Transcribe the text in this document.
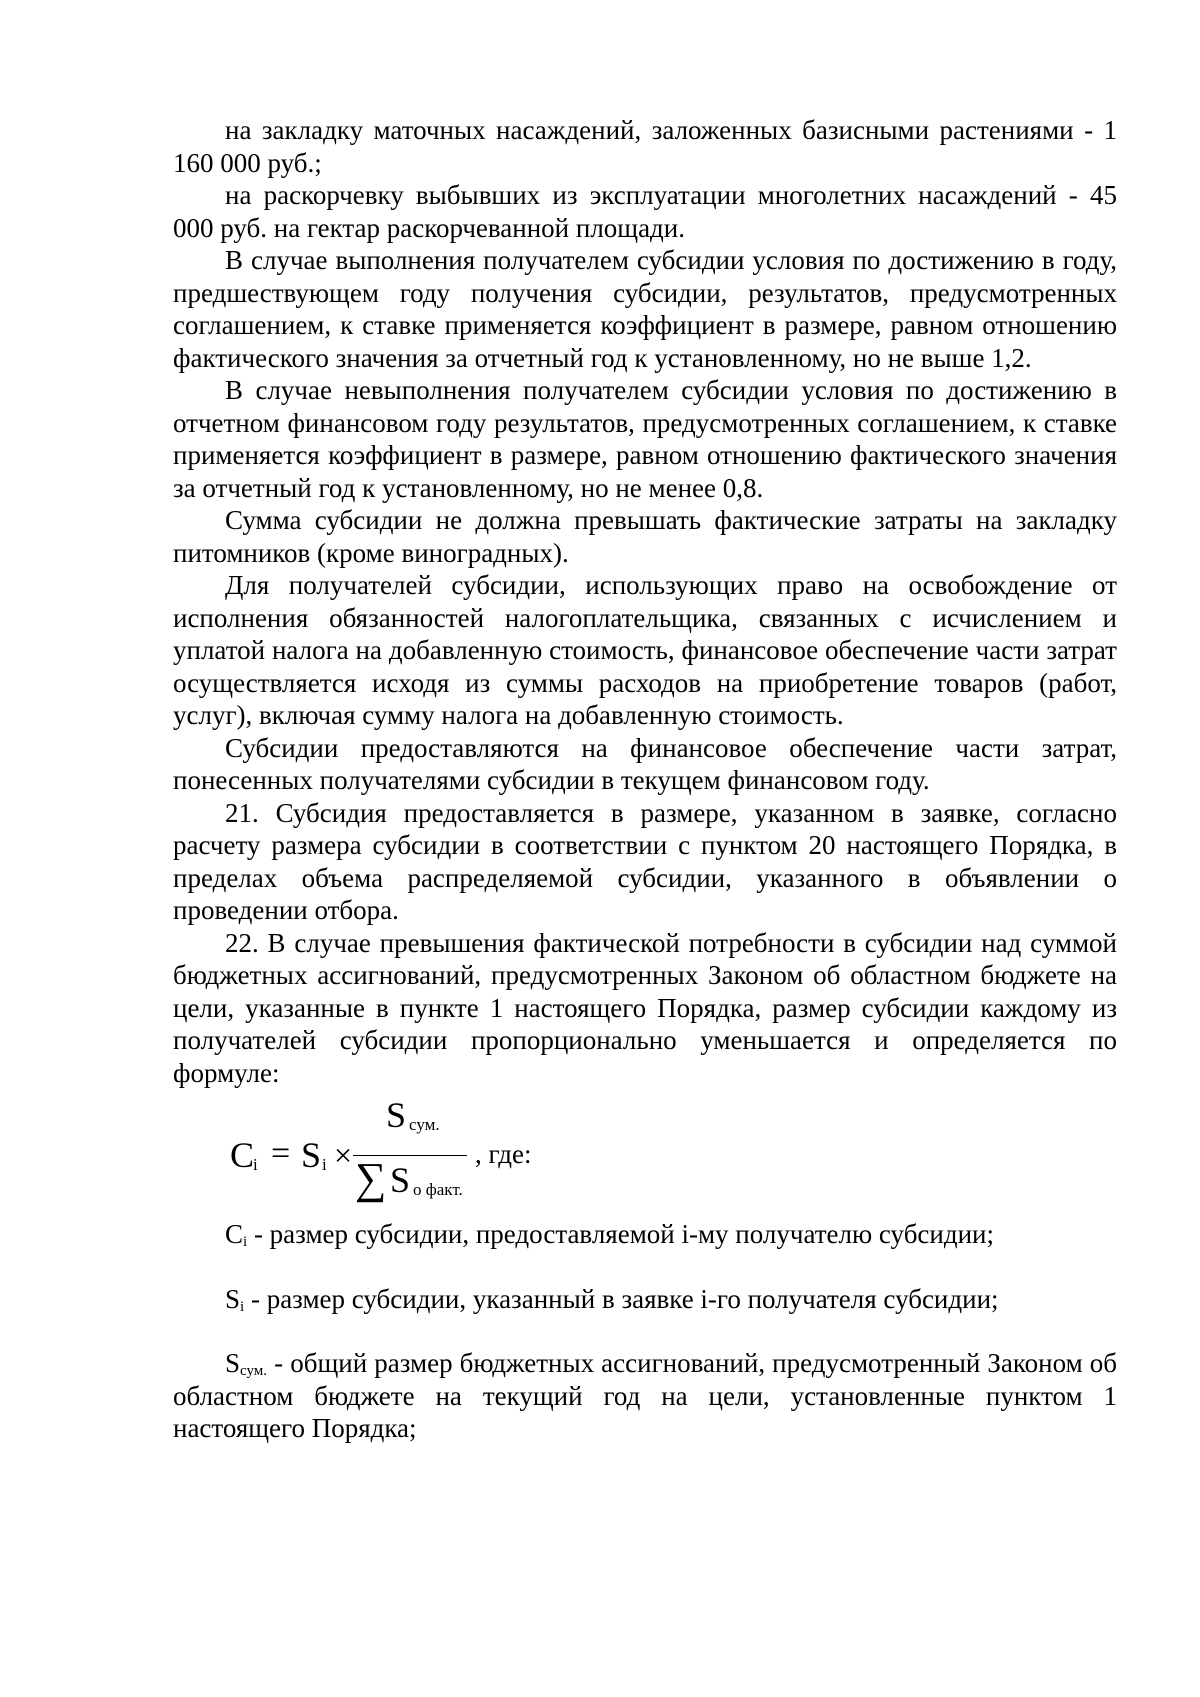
на закладку маточных насаждений, заложенных базисными растениями - 1 160 000 руб.;

на раскорчевку выбывших из эксплуатации многолетних насаждений - 45 000 руб. на гектар раскорчеванной площади.

В случае выполнения получателем субсидии условия по достижению в году, предшествующем году получения субсидии, результатов, предусмотренных соглашением, к ставке применяется коэффициент в размере, равном отношению фактического значения за отчетный год к установленному, но не выше 1,2.

В случае невыполнения получателем субсидии условия по достижению в отчетном финансовом году результатов, предусмотренных соглашением, к ставке применяется коэффициент в размере, равном отношению фактического значения за отчетный год к установленному, но не менее 0,8.

Сумма субсидии не должна превышать фактические затраты на закладку питомников (кроме виноградных).

Для получателей субсидии, использующих право на освобождение от исполнения обязанностей налогоплательщика, связанных с исчислением и уплатой налога на добавленную стоимость, финансовое обеспечение части затрат осуществляется исходя из суммы расходов на приобретение товаров (работ, услуг), включая сумму налога на добавленную стоимость.

Субсидии предоставляются на финансовое обеспечение части затрат, понесенных получателями субсидии в текущем финансовом году.

21. Субсидия предоставляется в размере, указанном в заявке, согласно расчету размера субсидии в соответствии с пунктом 20 настоящего Порядка, в пределах объема распределяемой субсидии, указанного в объявлении о проведении отбора.

22. В случае превышения фактической потребности в субсидии над суммой бюджетных ассигнований, предусмотренных Законом об областном бюджете на цели, указанные в пункте 1 настоящего Порядка, размер субсидии каждому из получателей субсидии пропорционально уменьшается и определяется по формуле:

C
i = S i ×
S сум.
∑ S о факт.
, где:

$C_i$ - размер субсидии, предоставляемой i-му получателю субсидии;

$S_i$ - размер субсидии, указанный в заявке i-го получателя субсидии;

$S_{сум.}$ - общий размер бюджетных ассигнований, предусмотренный Законом об областном бюджете на текущий год на цели, установленные пунктом 1 настоящего Порядка;
